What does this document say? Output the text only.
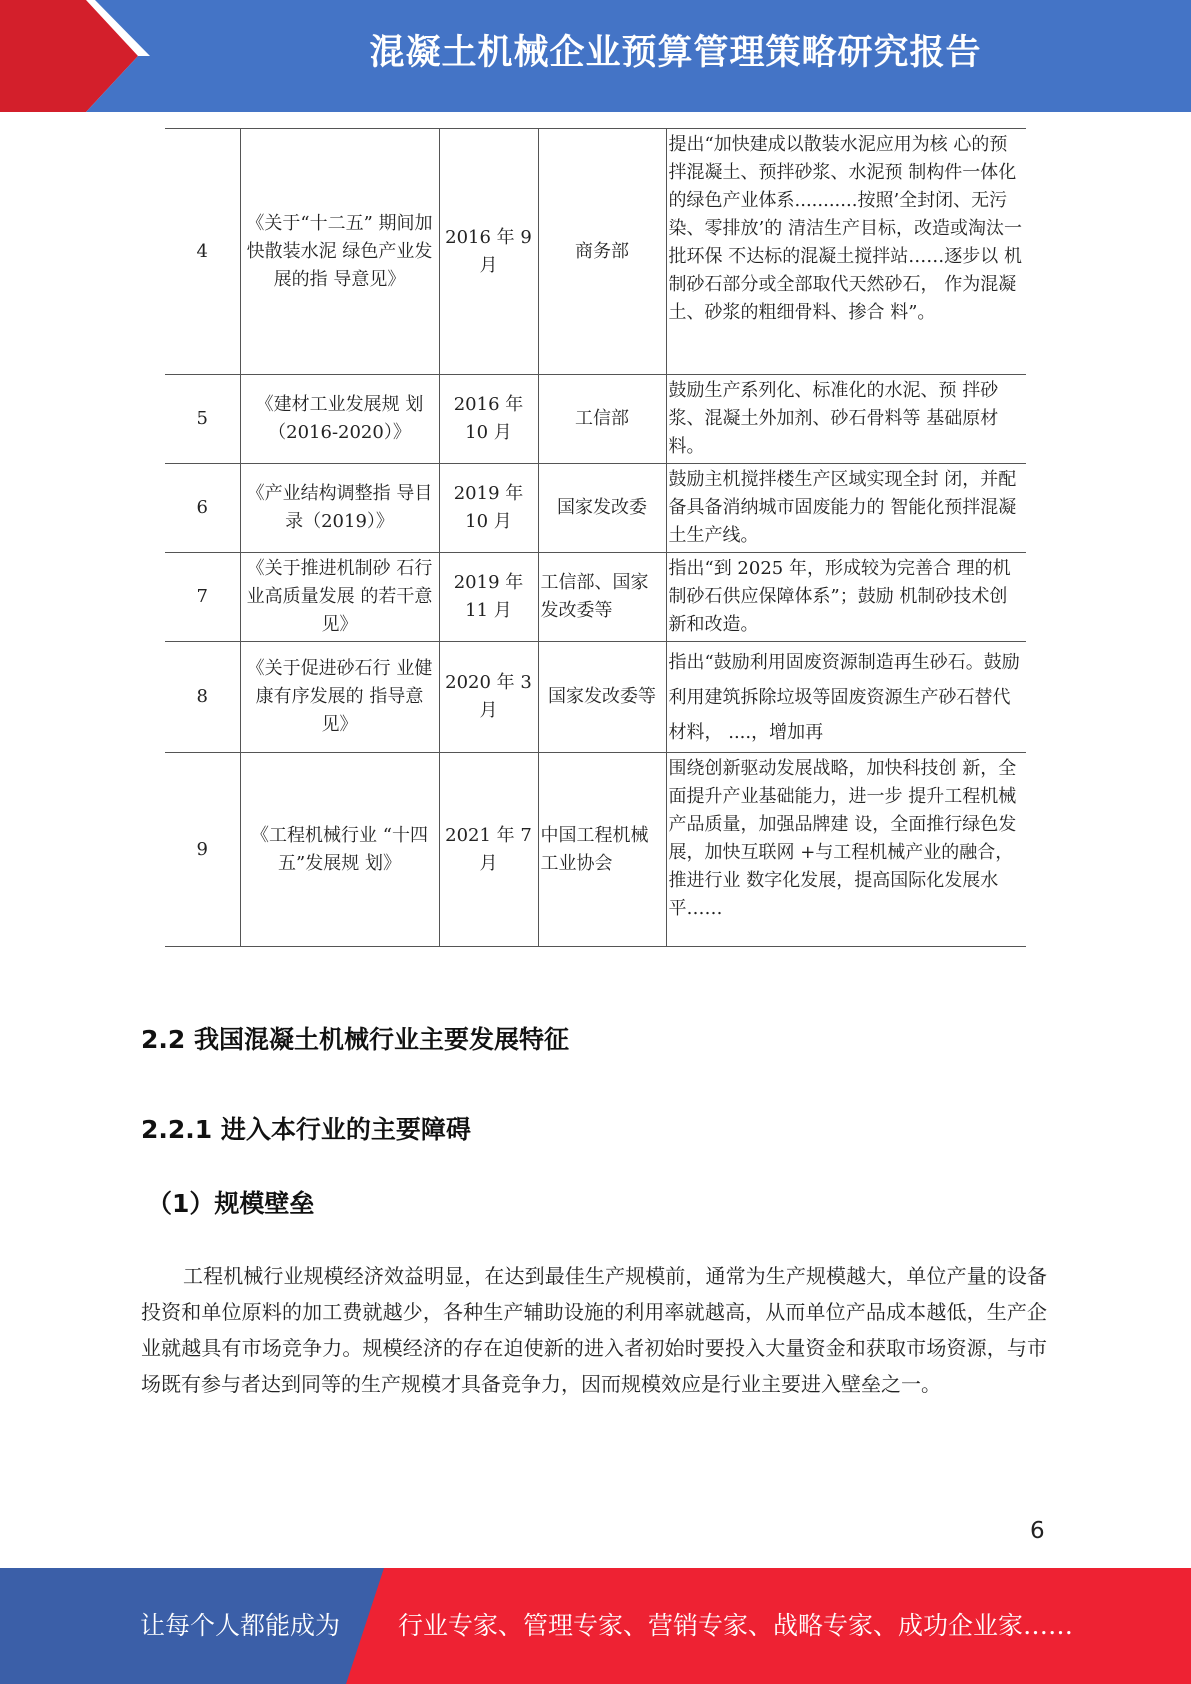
混凝土机械企业预算管理策略研究报告
4	《关于“十二五” 期间加快散装水泥 绿色产业发展的指 导意见》	2016 年 9 月	商务部	提出“加快建成以散装水泥应用为核 心的预拌混凝土、预拌砂浆、水泥预 制构件一体化的绿色产业体系...........按照’全封闭、无污染、零排放’的 清洁生产目标，改造或淘汰一批环保 不达标的混凝土搅拌站……逐步以 机制砂石部分或全部取代天然砂石， 作为混凝土、砂浆的粗细骨料、掺合 料”。
5	《建材工业发展规 划（2016-2020）》	2016 年 10 月	工信部	鼓励生产系列化、标准化的水泥、预 拌砂浆、混凝土外加剂、砂石骨料等 基础原材料。
6	《产业结构调整指 导目录（2019）》	2019 年 10 月	国家发改委	鼓励主机搅拌楼生产区域实现全封 闭，并配备具备消纳城市固废能力的 智能化预拌混凝土生产线。
7	《关于推进机制砂 石行业高质量发展 的若干意见》	2019 年 11 月	工信部、国家发改委等	指出“到 2025 年，形成较为完善合 理的机制砂石供应保障体系”；鼓励 机制砂技术创新和改造。
8	《关于促进砂石行 业健康有序发展的 指导意见》	2020 年 3 月	国家发改委等	指出“鼓励利用固废资源制造再生砂石。鼓励利用建筑拆除垃圾等固废资源生产砂石替代材料， ....，增加再
9	《工程机械行业 “十四五”发展规 划》	2021 年 7 月	中国工程机械工业协会	围绕创新驱动发展战略，加快科技创 新，全面提升产业基础能力，进一步 提升工程机械产品质量，加强品牌建 设，全面推行绿色发展，加快互联网 +与工程机械产业的融合，推进行业 数字化发展，提高国际化发展水 平……
2.2 我国混凝土机械行业主要发展特征
2.2.1 进入本行业的主要障碍
（1）规模壁垒

工程机械行业规模经济效益明显，在达到最佳生产规模前，通常为生产规模越大，单位产量的设备投资和单位原料的加工费就越少，各种生产辅助设施的利用率就越高，从而单位产品成本越低，生产企业就越具有市场竞争力。规模经济的存在迫使新的进入者初始时要投入大量资金和获取市场资源，与市场既有参与者达到同等的生产规模才具备竞争力，因而规模效应是行业主要进入壁垒之一。

6
让每个人都能成为 行业专家、管理专家、营销专家、战略专家、成功企业家……
